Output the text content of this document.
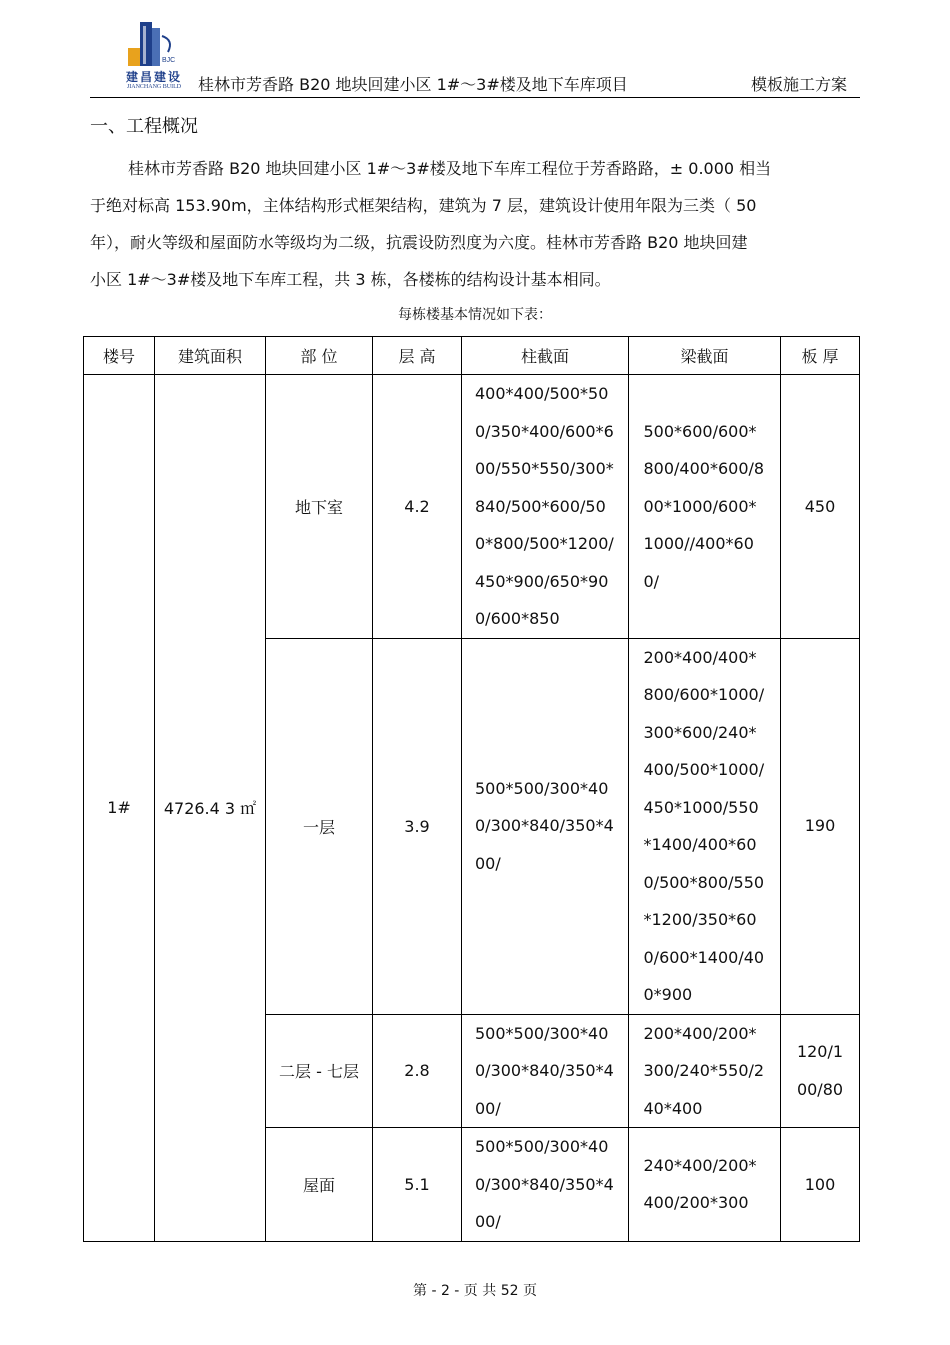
BJC
建昌建设
JIANCHANG BUILD	桂林市芳香路 B20 地块回建小区 1#～3#楼及地下车库项目	模板施工方案
一、工程概况
桂林市芳香路 B20 地块回建小区 1#～3#楼及地下车库工程位于芳香路路，± 0.000 相当
于绝对标高 153.90m，主体结构形式框架结构，建筑为 7 层，建筑设计使用年限为三类（ 50
年），耐火等级和屋面防水等级均为二级，抗震设防烈度为六度。桂林市芳香路 B20 地块回建
小区 1#～3#楼及地下车库工程，共 3 栋，各楼栋的结构设计基本相同。
每栋楼基本情况如下表：
楼号	建筑面积	部 位	层 高	柱截面	梁截面	板 厚
1#	4726.4 3 ㎡	地下室	4.2	400*400/500*500/350*400/600*600/550*550/300*840/500*600/500*800/500*1200/450*900/650*900/600*850	500*600/600*800/400*600/800*1000/600*1000//400*600/	450
		一层	3.9	500*500/300*400/300*840/350*400/	200*400/400*800/600*1000/300*600/240*400/500*1000/450*1000/550*1400/400*600/500*800/550*1200/350*600/600*1400/400*900	190
		二层 - 七层	2.8	500*500/300*400/300*840/350*400/	200*400/200*300/240*550/240*400	120/100/80
		屋面	5.1	500*500/300*400/300*840/350*400/	240*400/200*400/200*300	100
第 - 2 - 页 共 52 页
